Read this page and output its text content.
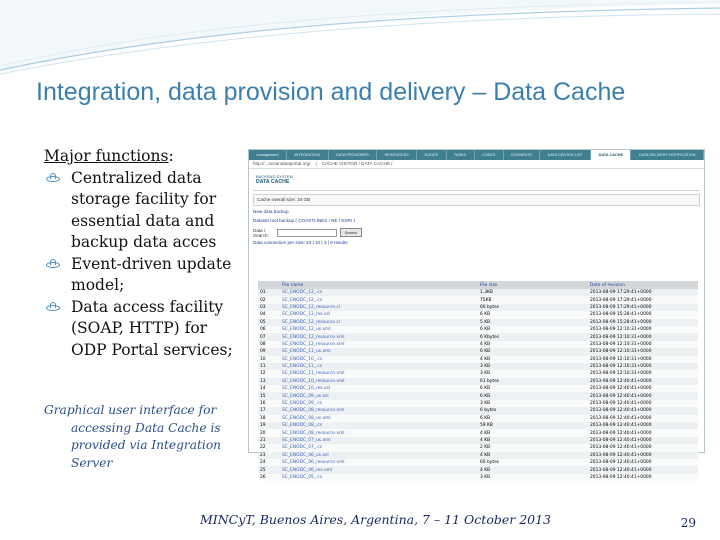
Integration, data provision and delivery – Data Cache
Major functions:
Centralized data storage facility for essential data and backup data acces
Event-driven update model;
Data access facility (SOAP, HTTP) for ODP Portal services;
Graphical user interface for
accessing Data Cache is
provided via Integration
Server
management	INTEGRATION	DATA PROVIDERS	RESOURCES	NODES	TASKS	CODES	ELEMENTS	DATA CENTER LIST	DATA CACHE	DATA DELIVERY NOTIFICATION
http://...oceandataportal.org/ | CACHE VISITOR / DATA CACHE /
BACKEND SYSTEM
DATA CACHE
Cache overall size: 34 GB
New data backup
Dataset root backup ( COASTLINES / NE / ESRI )
Data / Search:	Search
Data connection per size: 24 | 10 | 3 | 9 results
	File name	File size	Date of revision
01	SC_ENODC_12_.cs	1.3KB	2013-08-09 17:29:41+0000
02	SC_ENODC_12_.cs	75KB	2013-08-09 17:29:41+0000
03	SC_ENODC_12_resource.cl	60 bytes	2013-08-09 17:29:41+0000
04	SC_ENODC_12_res.xsl	6 KB	2013-08-09 15:28:41+0000
05	SC_ENODC_12_resource.cl	5 KB	2013-08-09 15:28:41+0000
06	SC_ENODC_12_us.xml	6 KB	2013-08-09 12:10:31+0000
07	SC_ENODC_12_resource.xml	6 Kbytes	2013-08-09 12:10:31+0000
08	SC_ENODC_12_resource.xml	4 KB	2013-08-09 12:10:31+0000
09	SC_ENODC_11_us.xml	6 KB	2013-08-09 12:10:31+0000
10	SC_ENODC_10_.cs	4 KB	2013-08-09 12:10:31+0000
11	SC_ENODC_11_.cs	3 KB	2013-08-09 12:10:31+0000
12	SC_ENODC_11_resource.xml	3 KB	2013-08-09 12:10:31+0000
13	SC_ENODC_10_resource.xml	61 bytes	2013-08-09 12:40:41+0000
14	SC_ENODC_10_res.xsl	6 KB	2013-08-09 12:40:41+0000
15	SC_ENODC_09_us.xsl	6 KB	2013-08-09 12:40:41+0000
16	SC_ENODC_09_.cs	3 KB	2013-08-09 12:40:41+0000
17	SC_ENODC_08_resource.xml	6 bytes	2013-08-09 12:40:41+0000
18	SC_ENODC_08_us.xml	6 KB	2013-08-09 12:40:41+0000
19	SC_ENODC_08_.cs	59 KB	2013-08-09 12:40:41+0000
20	SC_ENODC_08_resource.xml	4 KB	2013-08-09 12:40:41+0000
21	SC_ENODC_07_us.xml	4 KB	2013-08-09 12:40:41+0000
22	SC_ENODC_07_.cs	2 KB	2013-08-09 12:40:41+0000
23	SC_ENODC_06_us.xsl	4 KB	2013-08-09 12:40:41+0000
24	SC_ENODC_06_resource.xml	60 bytes	2013-08-09 12:40:41+0000
25	SC_ENODC_06_res.xml	4 KB	2013-08-09 12:40:41+0000
26	SC_ENODC_05_.cs	3 KB	2013-08-09 12:40:41+0000
MINCyT, Buenos Aires, Argentina, 7 – 11 October 2013	29
